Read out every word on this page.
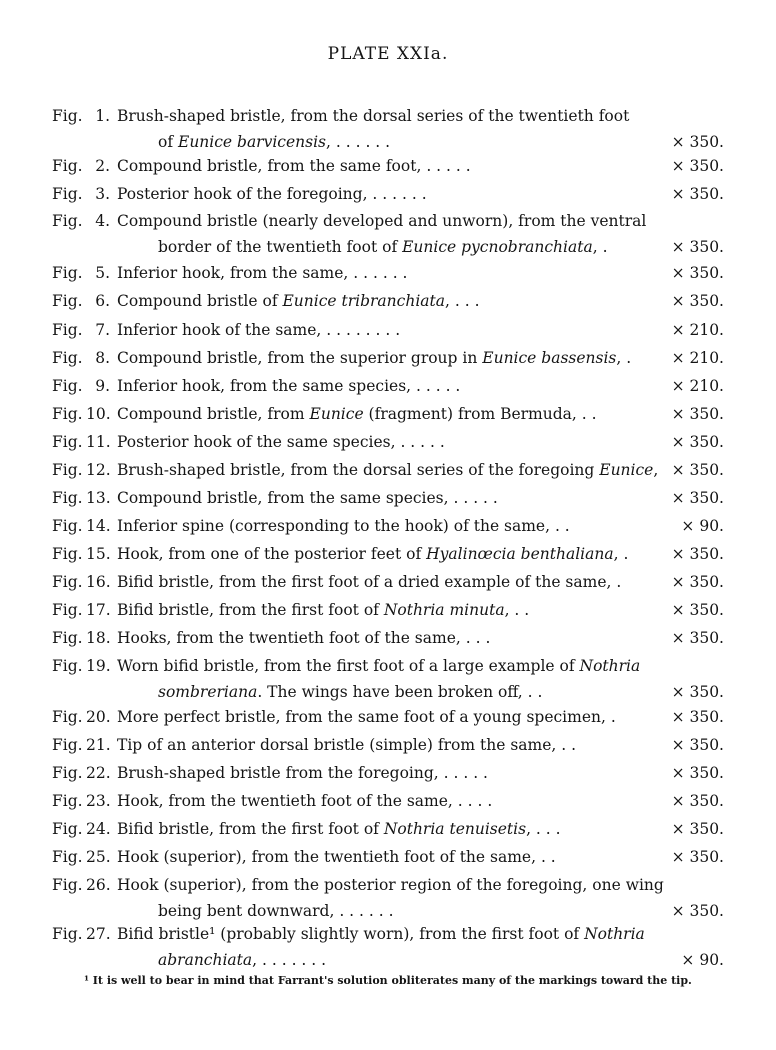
PLATE XXIa.
Fig. 1. Brush-shaped bristle, from the dorsal series of the twentieth foot
of Eunice barvicensis, . . . . . .	× 350.
Fig. 2. Compound bristle, from the same foot, . . . . .	× 350.
Fig. 3. Posterior hook of the foregoing, . . . . . .	× 350.
Fig. 4. Compound bristle (nearly developed and unworn), from the ventral
border of the twentieth foot of Eunice pycnobranchiata, .	× 350.
Fig. 5. Inferior hook, from the same, . . . . . .	× 350.
Fig. 6. Compound bristle of Eunice tribranchiata, . . .	× 350.
Fig. 7. Inferior hook of the same, . . . . . . . .	× 210.
Fig. 8. Compound bristle, from the superior group in Eunice bassensis, .	× 210.
Fig. 9. Inferior hook, from the same species, . . . . .	× 210.
Fig. 10. Compound bristle, from Eunice (fragment) from Bermuda, . .	× 350.
Fig. 11. Posterior hook of the same species, . . . . .	× 350.
Fig. 12. Brush-shaped bristle, from the dorsal series of the foregoing Eunice, × 350.
Fig. 13. Compound bristle, from the same species, . . . . .	× 350.
Fig. 14. Inferior spine (corresponding to the hook) of the same, . .	× 90.
Fig. 15. Hook, from one of the posterior feet of Hyalinœcia benthaliana, .	× 350.
Fig. 16. Bifid bristle, from the first foot of a dried example of the same, .	× 350.
Fig. 17. Bifid bristle, from the first foot of Nothria minuta, . .	× 350.
Fig. 18. Hooks, from the twentieth foot of the same, . . .	× 350.
Fig. 19. Worn bifid bristle, from the first foot of a large example of Nothria
sombreriana. The wings have been broken off, . .	× 350.
Fig. 20. More perfect bristle, from the same foot of a young specimen, .	× 350.
Fig. 21. Tip of an anterior dorsal bristle (simple) from the same, . .	× 350.
Fig. 22. Brush-shaped bristle from the foregoing, . . . . .	× 350.
Fig. 23. Hook, from the twentieth foot of the same, . . . .	× 350.
Fig. 24. Bifid bristle, from the first foot of Nothria tenuisetis, . . .	× 350.
Fig. 25. Hook (superior), from the twentieth foot of the same, . .	× 350.
Fig. 26. Hook (superior), from the posterior region of the foregoing, one wing
being bent downward, . . . . . .	× 350.
Fig. 27. Bifid bristle¹ (probably slightly worn), from the first foot of Nothria
abranchiata, . . . . . . .	× 90.
¹ It is well to bear in mind that Farrant's solution obliterates many of the markings toward the tip.
